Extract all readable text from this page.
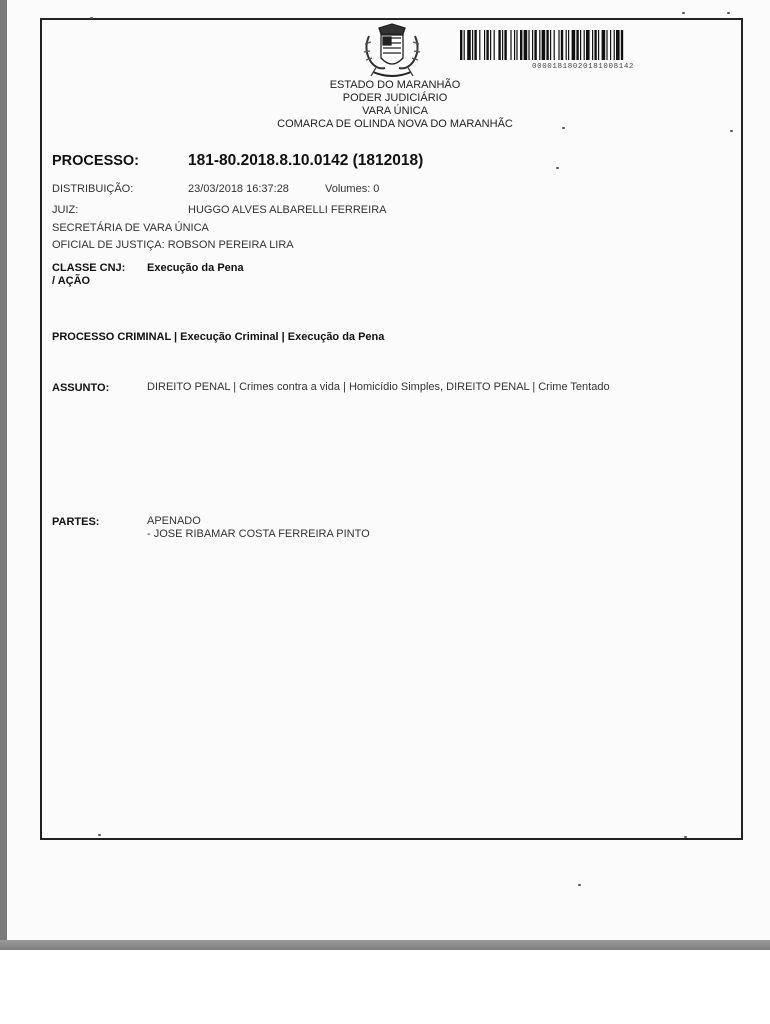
00001818020181008142
ESTADO DO MARANHÃO
PODER JUDICIÁRIO
VARA ÚNICA
COMARCA DE OLINDA NOVA DO MARANHÃC
PROCESSO:	181-80.2018.8.10.0142 (1812018)
DISTRIBUIÇÃO:	23/03/2018 16:37:28	Volumes: 0
JUIZ:	HUGGO ALVES ALBARELLI FERREIRA
SECRETÁRIA DE VARA ÚNICA
OFICIAL DE JUSTIÇA: ROBSON PEREIRA LIRA
CLASSE CNJ:
/ AÇÃO
Execução da Pena
PROCESSO CRIMINAL | Execução Criminal | Execução da Pena
ASSUNTO:	DIREITO PENAL | Crimes contra a vida | Homicídio Simples, DIREITO PENAL | Crime Tentado
PARTES:	APENADO
- JOSE RIBAMAR COSTA FERREIRA PINTO
